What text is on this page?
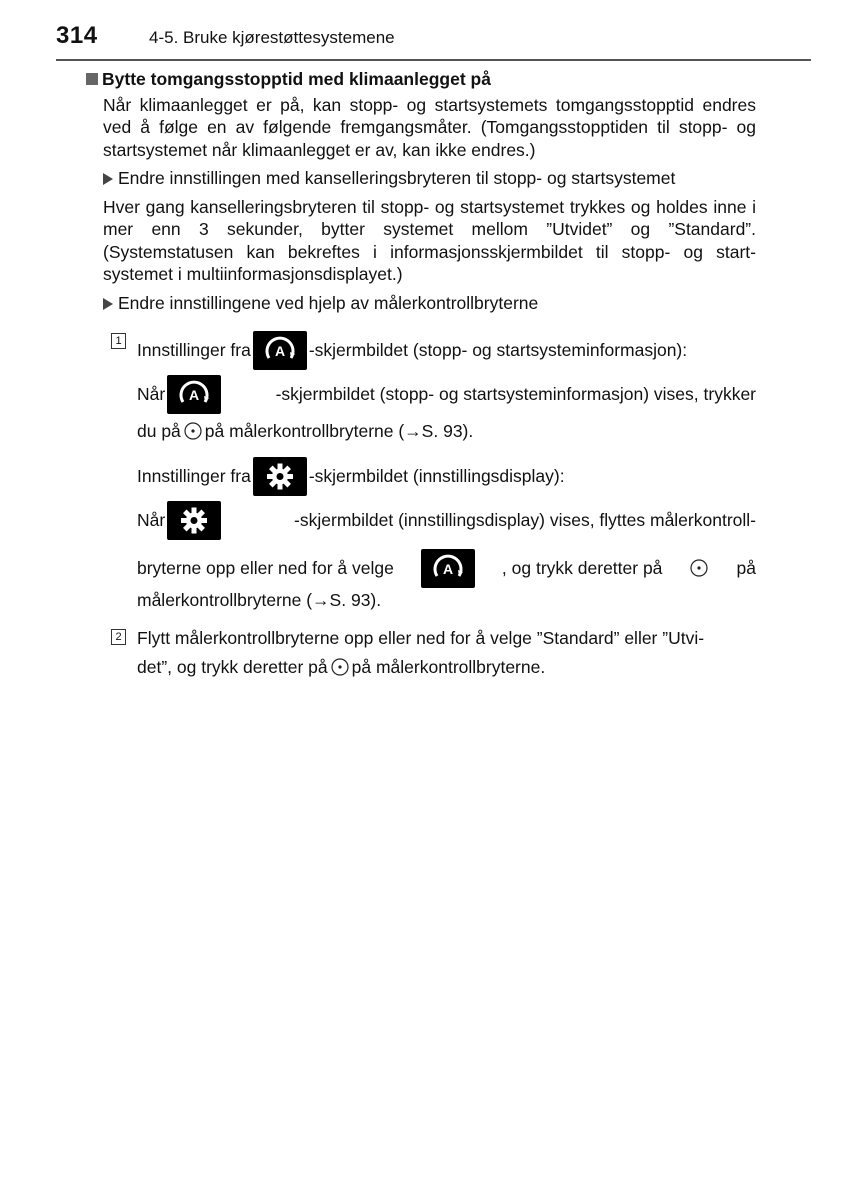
314	4-5. Bruke kjørestøttesystemene
Bytte tomgangsstopptid med klimaanlegget på
Når klimaanlegget er på, kan stopp- og startsystemets tomgangsstopptid endres ved å følge en av følgende fremgangsmåter. (Tomgangsstopptiden til stopp- og startsystemet når klimaanlegget er av, kan ikke endres.)
Endre innstillingen med kanselleringsbryteren til stopp- og startsystemet
Hver gang kanselleringsbryteren til stopp- og startsystemet trykkes og holdes inne i mer enn 3 sekunder, bytter systemet mellom ”Utvidet” og ”Standard”. (Systemstatusen kan bekreftes i informasjonsskjermbildet til stopp- og start-systemet i multiinformasjonsdisplayet.)
Endre innstillingene ved hjelp av målerkontrollbryterne
1 Innstillinger fra A -skjermbildet (stopp- og startsysteminformasjon):
Når A	-skjermbildet (stopp- og startsysteminformasjon) vises, trykker
du på på målerkontrollbryterne (→S. 93).
Innstillinger fra	-skjermbildet (innstillingsdisplay):
Når	-skjermbildet (innstillingsdisplay) vises, flyttes målerkontroll-
bryterne opp eller ned for å velge	A	, og trykk deretter på	på
målerkontrollbryterne (→S. 93).
2 Flytt målerkontrollbryterne opp eller ned for å velge ”Standard” eller ”Utvi-
det”, og trykk deretter på på målerkontrollbryterne.
